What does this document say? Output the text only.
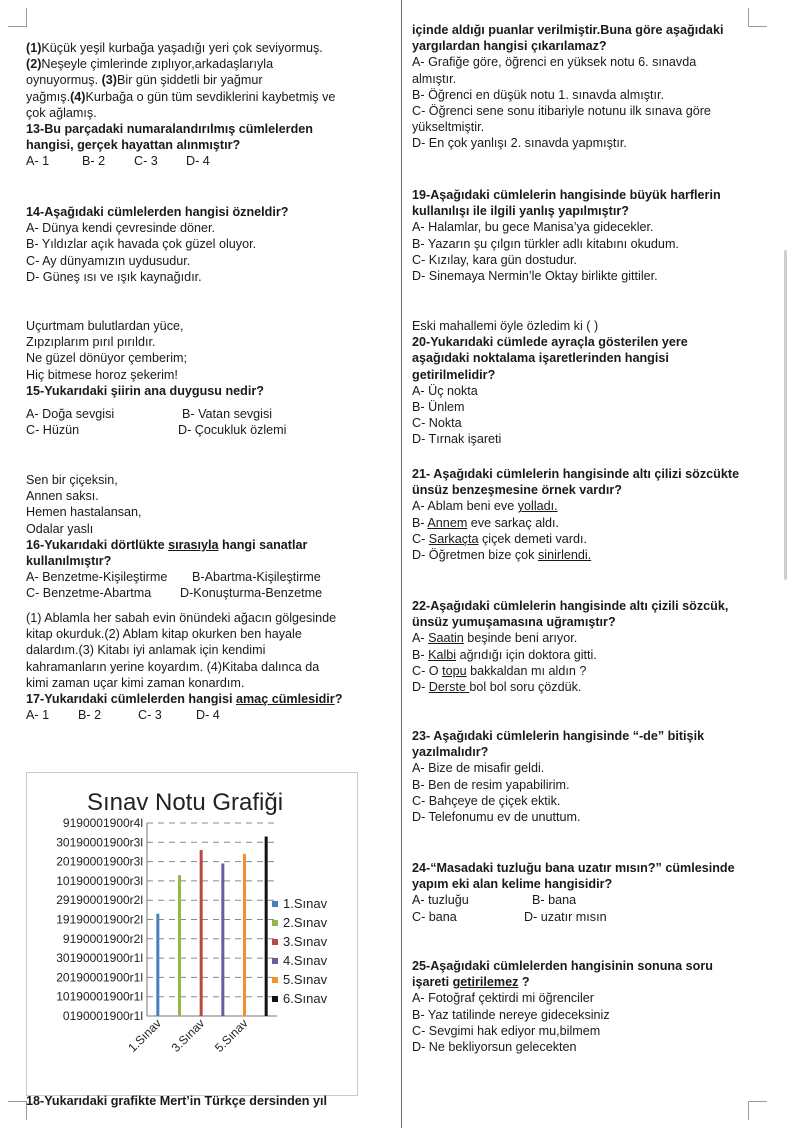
(1)Küçük yeşil kurbağa yaşadığı yeri çok seviyormuş.

(2)Neşeyle çimlerinde zıplıyor,arkadaşlarıyla

oynuyormuş. (3)Bir gün şiddetli bir yağmur

yağmış.(4)Kurbağa o gün tüm sevdiklerini kaybetmiş ve

çok ağlamış.

13-Bu parçadaki numaralandırılmış cümlelerden

hangisi, gerçek hayattan alınmıştır?

A- 1	B- 2 C- 3 D- 4

14-Aşağıdaki cümlelerden hangisi özneldir?

A- Dünya kendi çevresinde döner.

B- Yıldızlar açık havada çok güzel oluyor.

C- Ay dünyamızın uydusudur.

D- Güneş ısı ve ışık kaynağıdır.

Uçurtmam bulutlardan yüce,

Zıpzıplarım pırıl pırıldır.

Ne güzel dönüyor çemberim;

Hiç bitmese horoz şekerim!

15-Yukarıdaki şiirin ana duygusu nedir?

A- Doğa sevgisi	B- Vatan sevgisi

C- Hüzün	D- Çocukluk özlemi

Sen bir çiçeksin,

Annen saksı.

Hemen hastalansan,

Odalar yaslı

16-Yukarıdaki dörtlükte sırasıyla hangi sanatlar

kullanılmıştır?

A- Benzetme-Kişileştirme B-Abartma-Kişileştirme

C- Benzetme-Abartma D-Konuşturma-Benzetme

(1) Ablamla her sabah evin önündeki ağacın gölgesinde

kitap okurduk.(2) Ablam kitap okurken ben hayale

dalardım.(3) Kitabı iyi anlamak için kendimi

kahramanların yerine koyardım. (4)Kitaba dalınca da

kimi zaman uçar kimi zaman konardım.

17-Yukarıdaki cümlelerden hangisi amaç cümlesidir?

A- 1 B- 2	C- 3	D- 4

Sınav Notu Grafiği
9190001900r4l
30190001900r3l
20190001900r3l
10190001900r3l
29190001900r2l
19190001900r2l
9190001900r2l
30190001900r1l
20190001900r1l
10190001900r1l
0190001900r1l
1.Sınav 3.Sınav 5.Sınav
1.Sınav
2.Sınav
3.Sınav
4.Sınav
5.Sınav
6.Sınav
18-Yukarıdaki grafikte Mert’in Türkçe dersinden yıl

içinde aldığı puanlar verilmiştir.Buna göre aşağıdaki

yargılardan hangisi çıkarılamaz?

A- Grafiğe göre, öğrenci en yüksek notu 6. sınavda

almıştır.

B- Öğrenci en düşük notu 1. sınavda almıştır.

C- Öğrenci sene sonu itibariyle notunu ilk sınava göre

yükseltmiştir.

D- En çok yanlışı 2. sınavda yapmıştır.

19-Aşağıdaki cümlelerin hangisinde büyük harflerin

kullanılışı ile ilgili yanlış yapılmıştır?

A- Halamlar, bu gece Manisa’ya gidecekler.

B- Yazarın şu çılgın türkler adlı kitabını okudum.

C- Kızılay, kara gün dostudur.

D- Sinemaya Nermin’le Oktay birlikte gittiler.

Eski mahallemi öyle özledim ki ( )

20-Yukarıdaki cümlede ayraçla gösterilen yere

aşağıdaki noktalama işaretlerinden hangisi

getirilmelidir?

A- Üç nokta

B- Ünlem

C- Nokta

D- Tırnak işareti

21- Aşağıdaki cümlelerin hangisinde altı çilizi sözcükte

ünsüz benzeşmesine örnek vardır?

A- Ablam beni eve yolladı.

B- Annem eve sarkaç aldı.

C- Sarkaçta çiçek demeti vardı.

D- Öğretmen bize çok sinirlendi.

22-Aşağıdaki cümlelerin hangisinde altı çizili sözcük,

ünsüz yumuşamasına uğramıştır?

A- Saatin beşinde beni arıyor.

B- Kalbi ağrıdığı için doktora gitti.

C- O topu bakkaldan mı aldın ?

D- Derste bol bol soru çözdük.

23- Aşağıdaki cümlelerin hangisinde “-de” bitişik

yazılmalıdır?

A- Bize de misafir geldi.

B- Ben de resim yapabilirim.

C- Bahçeye de çiçek ektik.

D- Telefonumu ev de unuttum.

24-“Masadaki tuzluğu bana uzatır mısın?” cümlesinde

yapım eki alan kelime hangisidir?

A- tuzluğu	B- bana

C- bana	D- uzatır mısın

25-Aşağıdaki cümlelerden hangisinin sonuna soru

işareti getirilemez ?

A- Fotoğraf çektirdi mi öğrenciler

B- Yaz tatilinde nereye gideceksiniz

C- Sevgimi hak ediyor mu,bilmem

D- Ne bekliyorsun gelecekten
